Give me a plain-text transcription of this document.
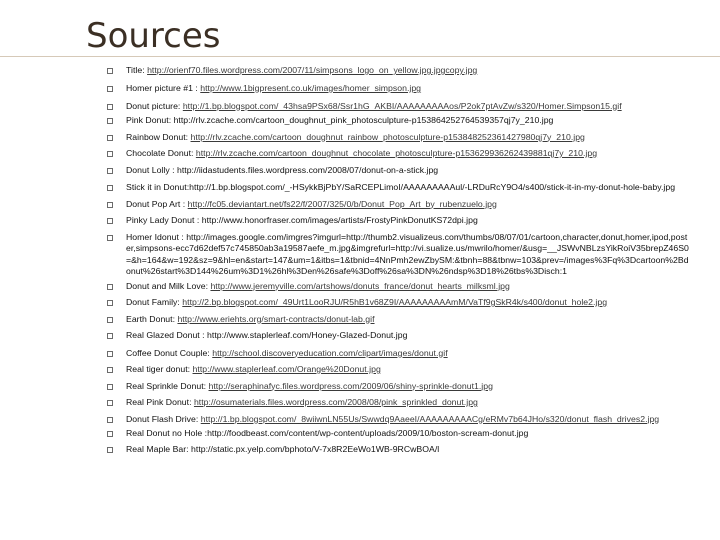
Sources
Title: http://orienf70.files.wordpress.com/2007/11/simpsons_logo_on_yellow.jpg.jpgcopy.jpg
Homer picture #1 : http://www.1bigpresent.co.uk/images/homer_simpson.jpg
Donut picture: http://1.bp.blogspot.com/_43hsa9PSx68/Ssr1hG_AKBI/AAAAAAAAAos/P2ok7ptAvZw/s320/Homer.Simpson15.gif
Pink Donut: http://rlv.zcache.com/cartoon_doughnut_pink_photosculpture-p153864252764539357qj7y_210.jpg
Rainbow Donut: http://rlv.zcache.com/cartoon_doughnut_rainbow_photosculpture-p153848252361427980qj7y_210.jpg
Chocolate Donut: http://rlv.zcache.com/cartoon_doughnut_chocolate_photosculpture-p153629936262439881qj7y_210.jpg
Donut Lolly : http://iidastudents.files.wordpress.com/2008/07/donut-on-a-stick.jpg
Stick it in Donut:http://1.bp.blogspot.com/_-HSykkBjPbY/SaRCEPLimoI/AAAAAAAAAul/-LRDuRcY9O4/s400/stick-it-in-my-donut-hole-baby.jpg
Donut Pop Art : http://fc05.deviantart.net/fs22/f/2007/325/0/b/Donut_Pop_Art_by_rubenzuelo.jpg
Pinky Lady Donut : http://www.honorfraser.com/images/artists/FrostyPinkDonutKS72dpi.jpg
Homer Idonut : http://images.google.com/imgres?imgurl=http://thumb2.visualizeus.com/thumbs/08/07/01/cartoon,character,donut,homer,ipod,poster,simpsons-ecc7d62def57c745850ab3a19587aefe_m.jpg&imgrefurl=http://vi.sualize.us/mwrilo/homer/&usg=__JSWvNBLzsYikRoiV35brepZ46S0=&h=164&w=192&sz=9&hl=en&start=147&um=1&itbs=1&tbnid=4NnPmh2ewZbySM:&tbnh=88&tbnw=103&prev=/images%3Fq%3Dcartoon%2Bdonut%26start%3D144%26um%3D1%26hl%3Den%26safe%3Doff%26sa%3DN%26ndsp%3D18%26tbs%3Disch:1
Donut and Milk Love: http://www.jeremyville.com/artshows/donuts_france/donut_hearts_milksml.jpg
Donut Family: http://2.bp.blogspot.com/_49Urt1LooRJU/R5hB1v68Z9I/AAAAAAAAAmM/VaTf9gSkR4k/s400/donut_hole2.jpg
Earth Donut: http://www.eriehts.org/smart-contracts/donut-lab.gif
Real Glazed Donut : http://www.staplerleaf.com/Honey-Glazed-Donut.jpg
Coffee Donut Couple: http://school.discoveryeducation.com/clipart/images/donut.gif
Real tiger donut: http://www.staplerleaf.com/Orange%20Donut.jpg
Real Sprinkle Donut: http://seraphinafyc.files.wordpress.com/2009/06/shiny-sprinkle-donut1.jpg
Real Pink Donut: http://osumaterials.files.wordpress.com/2008/08/pink_sprinkled_donut.jpg
Donut Flash Drive: http://1.bp.blogspot.com/_8wiiwnLN55Us/Swwdq9AaeeI/AAAAAAAAACg/eRMv7b64JHo/s320/donut_flash_drives2.jpg
Real Donut no Hole :http://foodbeast.com/content/wp-content/uploads/2009/10/boston-scream-donut.jpg
Real Maple Bar: http://static.px.yelp.com/bphoto/V-7x8R2EeWo1WB-9RCwBOA/l
